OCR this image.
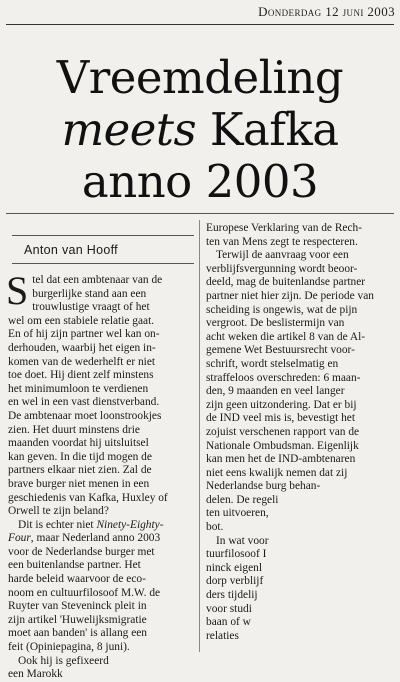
Donderdag 12 juni 2003
Vreemdeling
meets Kafka
anno 2003
Anton van Hooff
S tel dat een ambtenaar van de
burgerlijke stand aan een
trouwlustige vraagt of het
wel om een stabiele relatie gaat.
En of hij zijn partner wel kan on-
derhouden, waarbij het eigen in-
komen van de wederhelft er niet
toe doet. Hij dient zelf minstens
het minimumloon te verdienen
en wel in een vast dienstverband.
De ambtenaar moet loonstrookjes
zien. Het duurt minstens drie
maanden voordat hij uitsluitsel
kan geven. In die tijd mogen de
partners elkaar niet zien. Zal de
brave burger niet menen in een
geschiedenis van Kafka, Huxley of
Orwell te zijn beland?

Dit is echter niet Ninety-Eighty-
Four, maar Nederland anno 2003
voor de Nederlandse burger met
een buitenlandse partner. Het
harde beleid waarvoor de eco-
noom en cultuurfilosoof M.W. de
Ruyter van Steveninck pleit in
zijn artikel 'Huwelijksmigratie
moet aan banden' is allang een
feit (Opiniepagina, 8 juni).

Ook hij is gefixeerd
een Marokk

Europese Verklaring van de Rech-
ten van Mens zegt te respecteren.

Terwijl de aanvraag voor een
verblijfsvergunning wordt beoor-
deeld, mag de buitenlandse partner
partner niet hier zijn. De periode van
scheiding is ongewis, wat de pijn
vergroot. De beslistermijn van
acht weken die artikel 8 van de Al-
gemene Wet Bestuursrecht voor-
schrift, wordt stelselmatig en
straffeloos overschreden: 6 maan-
den, 9 maanden en veel langer
zijn geen uitzondering. Dat er bij
de IND veel mis is, bevestigt het
zojuist verschenen rapport van de
Nationale Ombudsman. Eigenlijk
kan men het de IND-ambtenaren
niet eens kwalijk nemen dat zij
Nederlandse burg behan-
delen. De regeli
ten uitvoeren,
bot.

In wat voor
tuurfilosoof I
ninck eigenl
dorp verblijf
ders tijdelij
voor studi
baan of w
relaties
